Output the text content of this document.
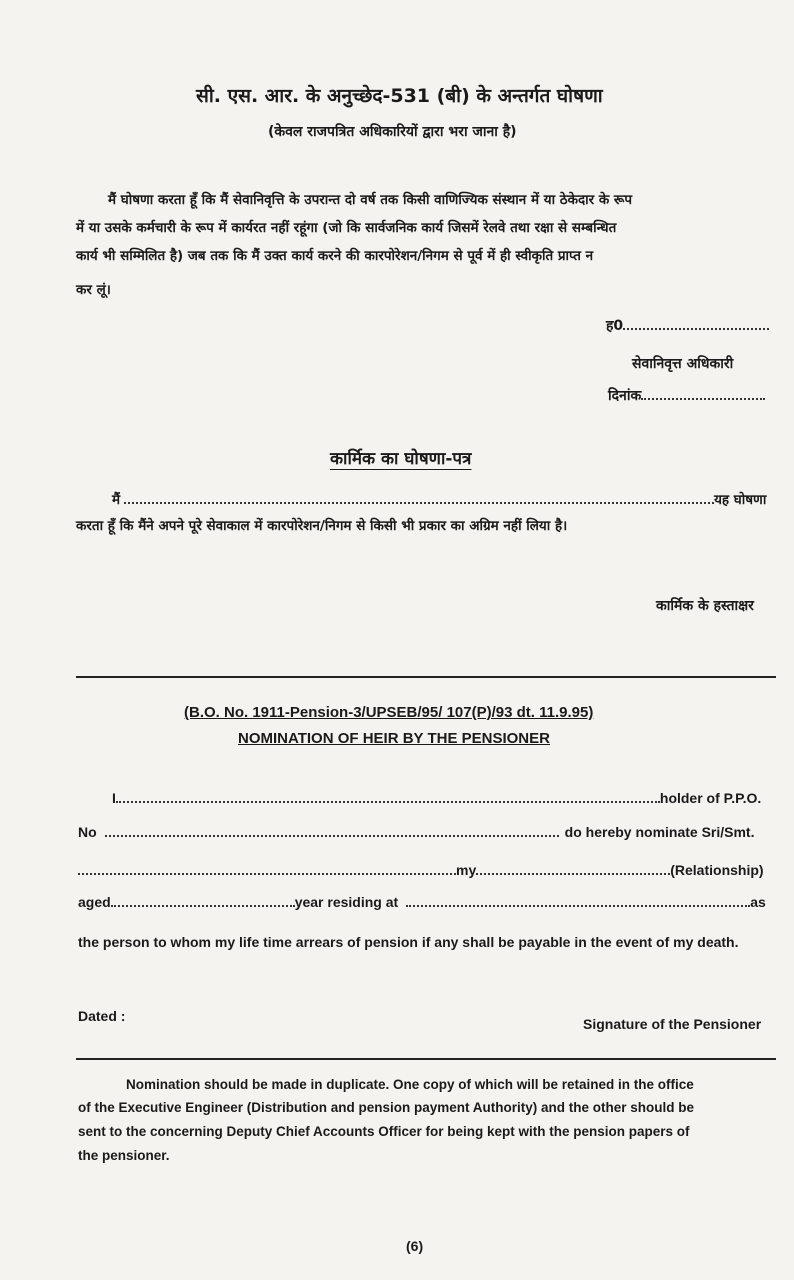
सी. एस. आर. के अनुच्छेद-531 (बी) के अन्तर्गत घोषणा
(केवल राजपत्रित अधिकारियों द्वारा भरा जाना है)
मैं घोषणा करता हूँ कि मैं सेवानिवृत्ति के उपरान्त दो वर्ष तक किसी वाणिज्यिक संस्थान में या ठेकेदार के रूप
में या उसके कर्मचारी के रूप में कार्यरत नहीं रहूंगा (जो कि सार्वजनिक कार्य जिसमें रेलवे तथा रक्षा से सम्बन्धित
कार्य भी सम्मिलित है) जब तक कि मैं उक्त कार्य करने की कारपोरेशन/निगम से पूर्व में ही स्वीकृति प्राप्त न
कर लूं।
ह0
सेवानिवृत्त अधिकारी
दिनांक
कार्मिक का घोषणा-पत्र
मैं	यह घोषणा
करता हूँ कि मैंने अपने पूरे सेवाकाल में कारपोरेशन/निगम से किसी भी प्रकार का अग्रिम नहीं लिया है।
कार्मिक के हस्ताक्षर
(B.O. No. 1911-Pension-3/UPSEB/95/ 107(P)/93 dt. 11.9.95)
NOMINATION OF HEIR BY THE PENSIONER
I	holder of P.P.O.
No	do hereby nominate Sri/Smt.
my	(Relationship)
aged	year residing at	as
the person to whom my life time arrears of pension if any shall be payable in the event of my death.
Dated :	Signature of the Pensioner
Nomination should be made in duplicate. One copy of which will be retained in the office
of the Executive Engineer (Distribution and pension payment Authority) and the other should be
sent to the concerning Deputy Chief Accounts Officer for being kept with the pension papers of
the pensioner.
(6)
